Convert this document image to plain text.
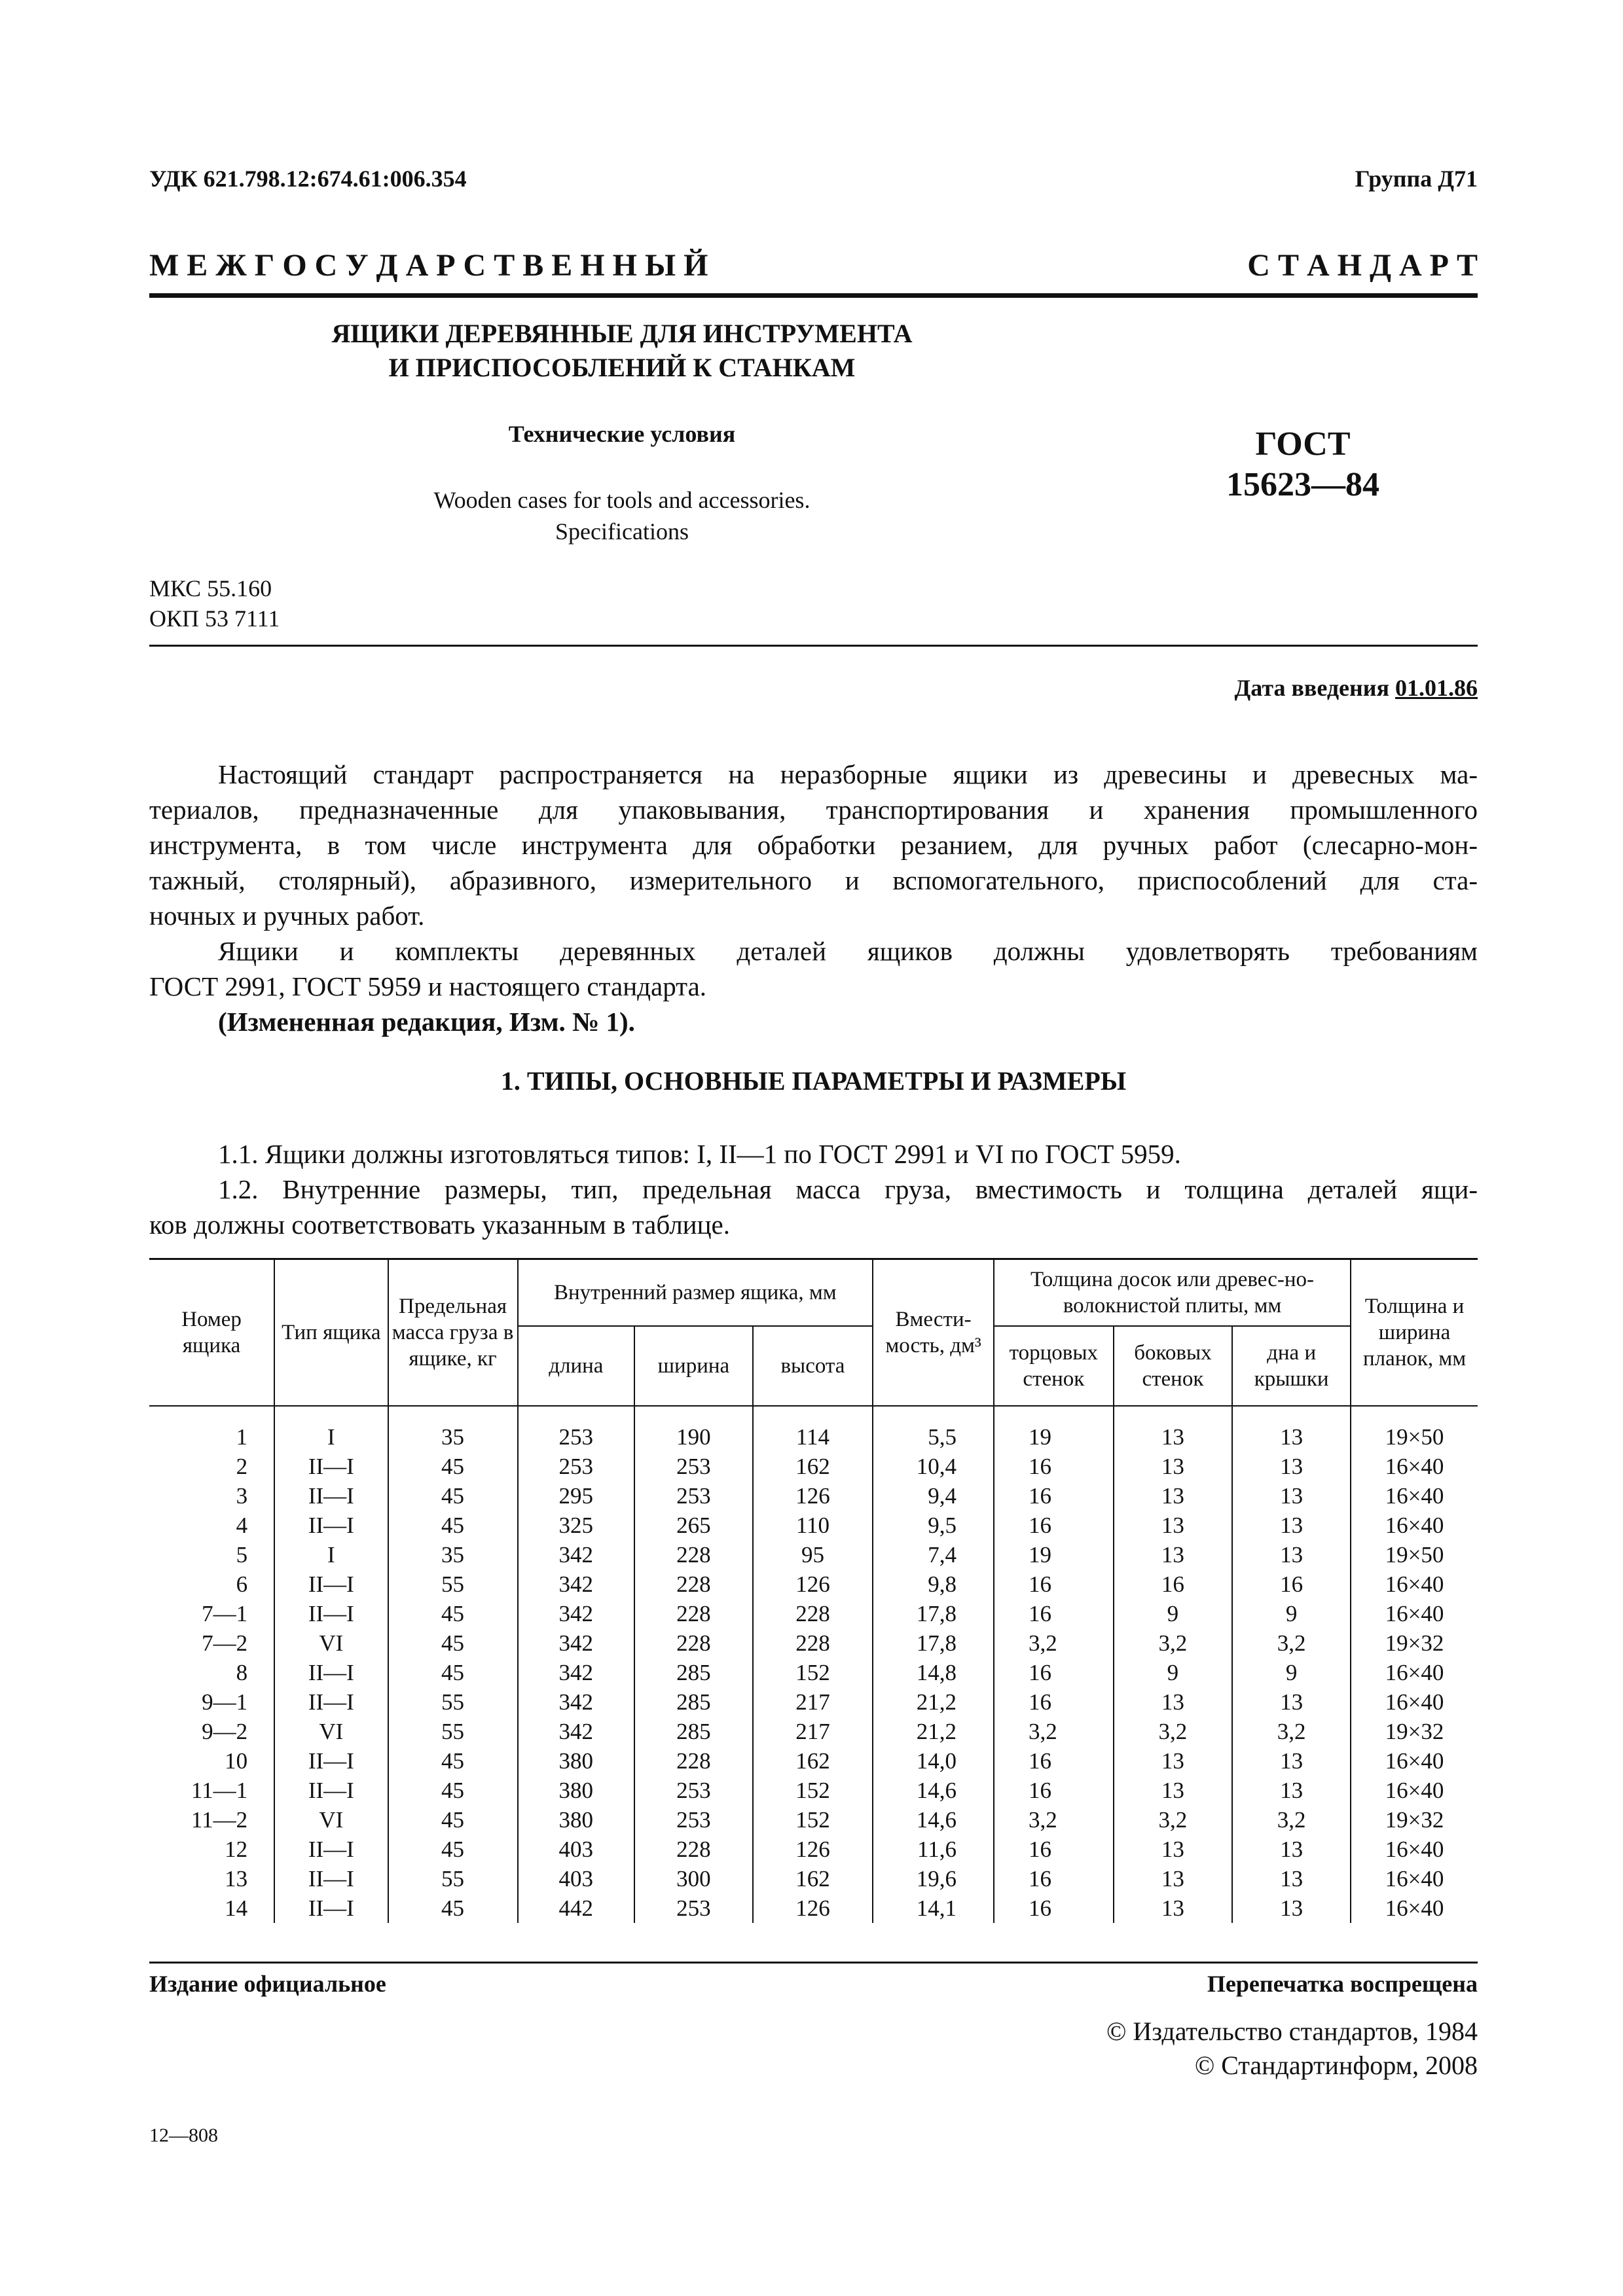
УДК 621.798.12:674.61:006.354	Группа Д71
М Е Ж Г О С У Д А Р С Т В Е Н Н Ы Й	С Т А Н Д А Р Т
ЯЩИКИ ДЕРЕВЯННЫЕ ДЛЯ ИНСТРУМЕНТА
И ПРИСПОСОБЛЕНИЙ К СТАНКАМ
Технические условия
Wooden cases for tools and accessories.
Specifications
ГОСТ
15623—84
МКС 55.160
ОКП 53 7111
Дата введения 01.01.86
Настоящий стандарт распространяется на неразборные ящики из древесины и древесных ма-
териалов, предназначенные для упаковывания, транспортирования и хранения промышленного
инструмента, в том числе инструмента для обработки резанием, для ручных работ (слесарно-мон-
тажный, столярный), абразивного, измерительного и вспомогательного, приспособлений для ста-
ночных и ручных работ.
Ящики и комплекты деревянных деталей ящиков должны удовлетворять требованиям
ГОСТ 2991, ГОСТ 5959 и настоящего стандарта.
(Измененная редакция, Изм. № 1).
1. ТИПЫ, ОСНОВНЫЕ ПАРАМЕТРЫ И РАЗМЕРЫ
1.1. Ящики должны изготовляться типов: I, II—1 по ГОСТ 2991 и VI по ГОСТ 5959.
1.2. Внутренние размеры, тип, предельная масса груза, вместимость и толщина деталей ящи-
ков должны соответствовать указанным в таблице.
Номер ящика	Тип ящика	Предельная масса груза в ящике, кг	Внутренний размер ящика, мм			Вмести-мость, дм³	Толщина досок или древес-но-волокнистой плиты, мм			Толщина и ширина планок, мм
			длина	ширина	высота		торцовых стенок	боковых стенок	дна и крышки	

1	I	35	253	190	114	5,5	19	13	13	19×50
2	II—I	45	253	253	162	10,4	16	13	13	16×40
3	II—I	45	295	253	126	9,4	16	13	13	16×40
4	II—I	45	325	265	110	9,5	16	13	13	16×40
5	I	35	342	228	95	7,4	19	13	13	19×50
6	II—I	55	342	228	126	9,8	16	16	16	16×40
7—1	II—I	45	342	228	228	17,8	16	9	9	16×40
7—2	VI	45	342	228	228	17,8	3,2	3,2	3,2	19×32
8	II—I	45	342	285	152	14,8	16	9	9	16×40
9—1	II—I	55	342	285	217	21,2	16	13	13	16×40
9—2	VI	55	342	285	217	21,2	3,2	3,2	3,2	19×32
10	II—I	45	380	228	162	14,0	16	13	13	16×40
11—1	II—I	45	380	253	152	14,6	16	13	13	16×40
11—2	VI	45	380	253	152	14,6	3,2	3,2	3,2	19×32
12	II—I	45	403	228	126	11,6	16	13	13	16×40
13	II—I	55	403	300	162	19,6	16	13	13	16×40
14	II—I	45	442	253	126	14,1	16	13	13	16×40
Издание официальное	Перепечатка воспрещена
© Издательство стандартов, 1984
© Стандартинформ, 2008
12—808
